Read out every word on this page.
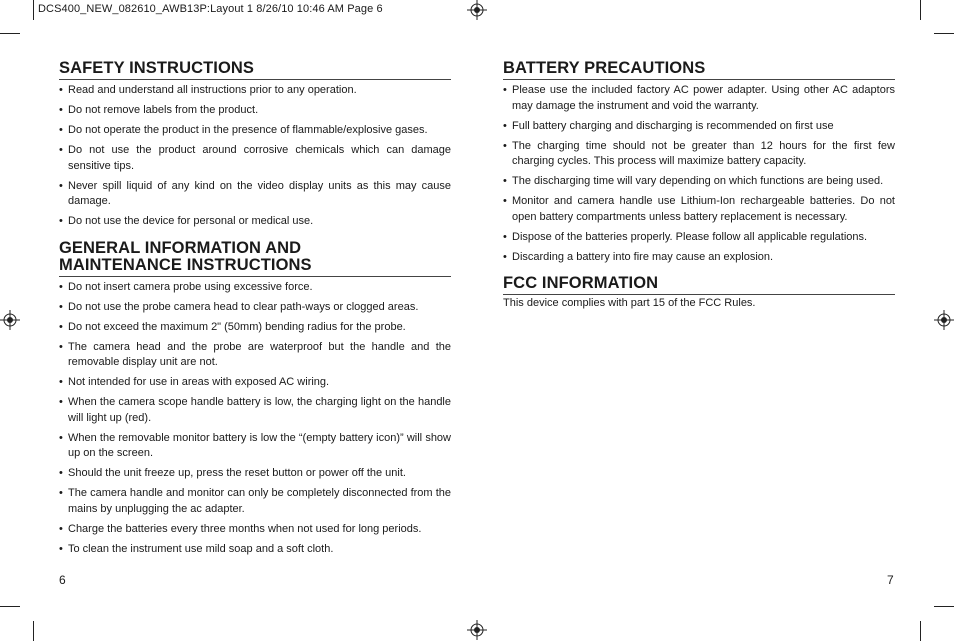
DCS400_NEW_082610_AWB13P:Layout 1 8/26/10 10:46 AM Page 6
SAFETY INSTRUCTIONS
• Read and understand all instructions prior to any operation.
• Do not remove labels from the product.
• Do not operate the product in the presence of flammable/explosive gases.
• Do not use the product around corrosive chemicals which can damage sensitive tips.
• Never spill liquid of any kind on the video display units as this may cause damage.
• Do not use the device for personal or medical use.
GENERAL INFORMATION AND
MAINTENANCE INSTRUCTIONS
• Do not insert camera probe using excessive force.
• Do not use the probe camera head to clear path-ways or clogged areas.
• Do not exceed the maximum 2" (50mm) bending radius for the probe.
• The camera head and the probe are waterproof but the handle and the removable display unit are not.
• Not intended for use in areas with exposed AC wiring.
• When the camera scope handle battery is low, the charging light on the handle will light up (red).
• When the removable monitor battery is low the “(empty battery icon)” will show up on the screen.
• Should the unit freeze up, press the reset button or power off the unit.
• The camera handle and monitor can only be completely disconnected from the mains by unplugging the ac adapter.
• Charge the batteries every three months when not used for long periods.
• To clean the instrument use mild soap and a soft cloth.
6
BATTERY PRECAUTIONS
• Please use the included factory AC power adapter. Using other AC adaptors may damage the instrument and void the warranty.
• Full battery charging and discharging is recommended on first use
• The charging time should not be greater than 12 hours for the first few charging cycles. This process will maximize battery capacity.
• The discharging time will vary depending on which functions are being used.
• Monitor and camera handle use Lithium-Ion rechargeable batteries. Do not open battery compartments unless battery replacement is necessary.
• Dispose of the batteries properly. Please follow all applicable regulations.
• Discarding a battery into fire may cause an explosion.
FCC INFORMATION
This device complies with part 15 of the FCC Rules.
7
